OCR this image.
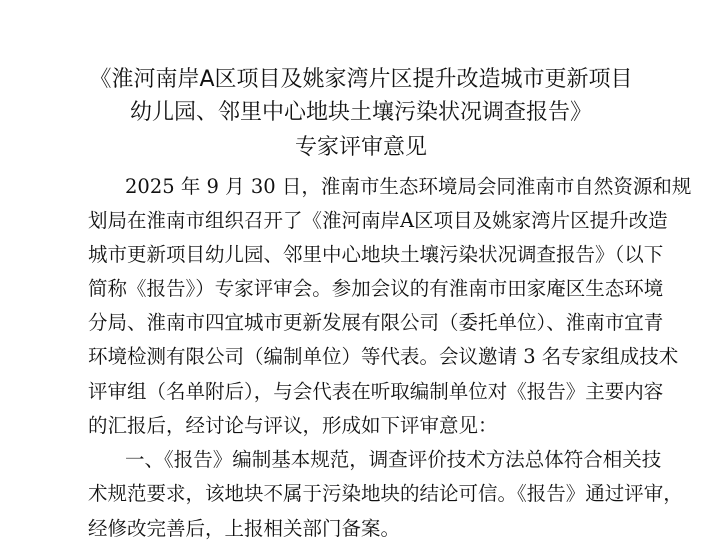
《淮河南岸A区项目及姚家湾片区提升改造城市更新项目
幼儿园、邻里中心地块土壤污染状况调查报告》
专家评审意见
2025 年 9 月 30 日，淮南市生态环境局会同淮南市自然资源和规
划局在淮南市组织召开了《淮河南岸A区项目及姚家湾片区提升改造
城市更新项目幼儿园、邻里中心地块土壤污染状况调查报告》（以下
简称《报告》）专家评审会。参加会议的有淮南市田家庵区生态环境
分局、淮南市四宜城市更新发展有限公司（委托单位）、淮南市宜青
环境检测有限公司（编制单位）等代表。会议邀请 3 名专家组成技术
评审组（名单附后），与会代表在听取编制单位对《报告》主要内容
的汇报后，经讨论与评议，形成如下评审意见：
一、《报告》编制基本规范，调查评价技术方法总体符合相关技
术规范要求，该地块不属于污染地块的结论可信。《报告》通过评审，
经修改完善后，上报相关部门备案。
